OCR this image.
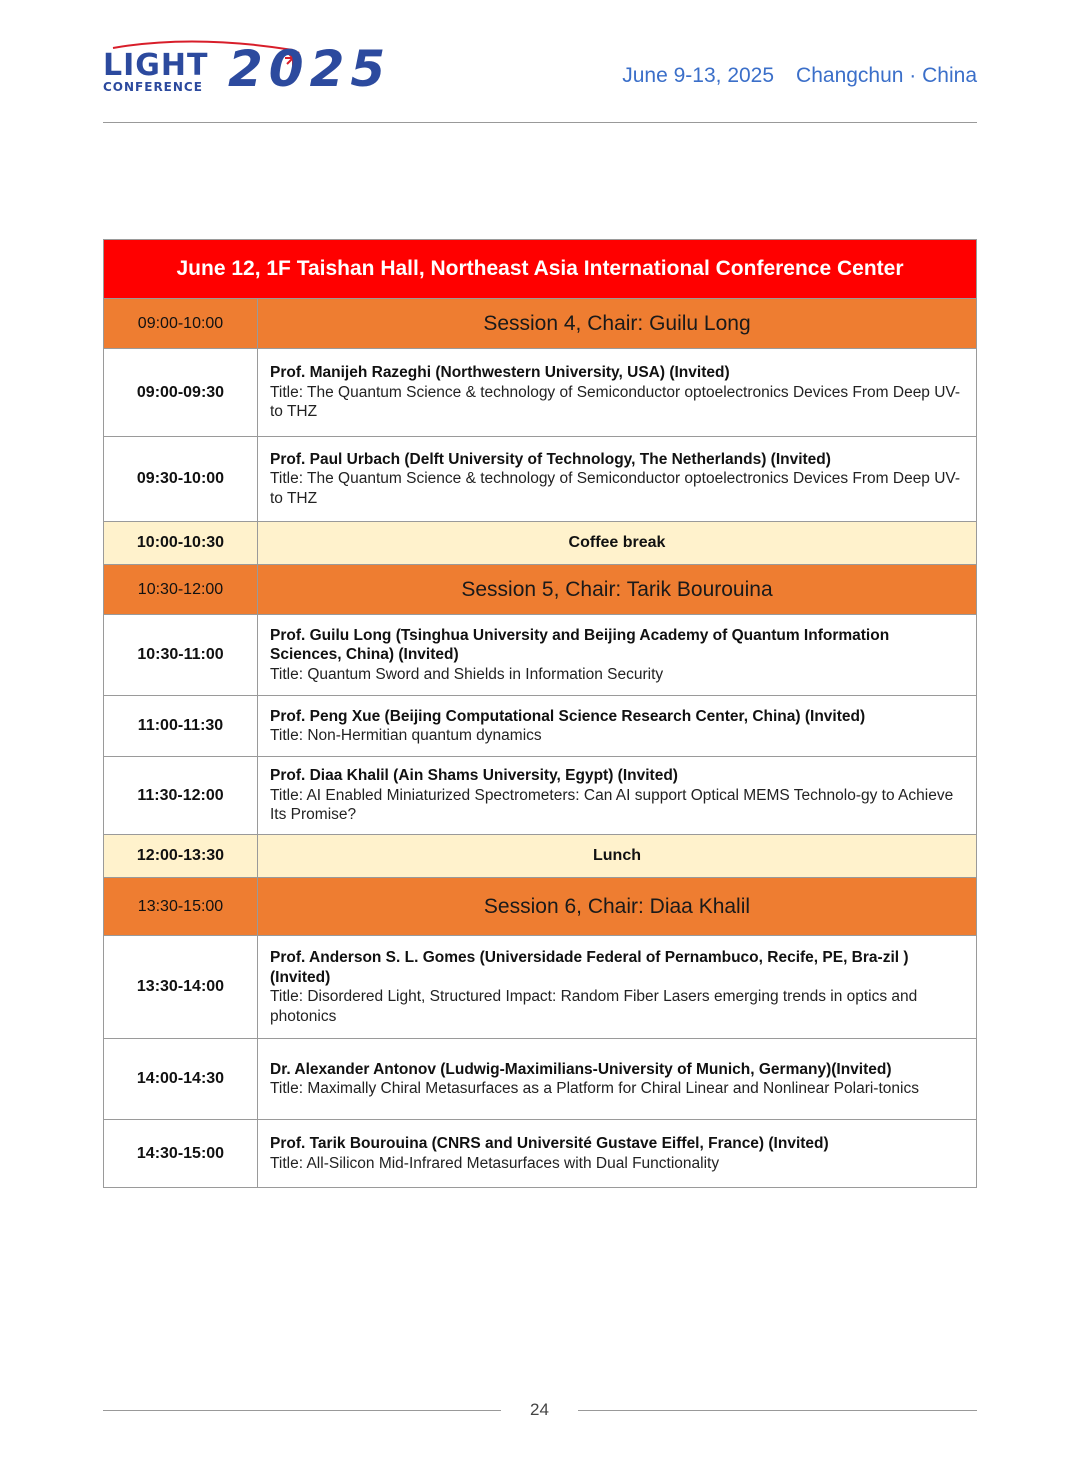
LIGHT
CONFERENCE 2025	June 9-13, 2025 Changchun · China
June 12, 1F Taishan Hall, Northeast Asia International Conference Center	
09:00-10:00	Session 4, Chair: Guilu Long
09:00-09:30	Prof. Manijeh Razeghi (Northwestern University, USA) (Invited)
Title: The Quantum Science & technology of Semiconductor optoelectronics Devices From Deep UV- to THZ

09:30-10:00	Prof. Paul Urbach (Delft University of Technology, The Netherlands) (Invited)
Title: The Quantum Science & technology of Semiconductor optoelectronics Devices From Deep UV- to THZ

10:00-10:30	Coffee break
10:30-12:00	Session 5, Chair: Tarik Bourouina
10:30-11:00	Prof. Guilu Long (Tsinghua University and Beijing Academy of Quantum Information Sciences, China) (Invited)
Title: Quantum Sword and Shields in Information Security

11:00-11:30	Prof. Peng Xue (Beijing Computational Science Research Center, China) (Invited)
Title: Non-Hermitian quantum dynamics

11:30-12:00	Prof. Diaa Khalil (Ain Shams University, Egypt) (Invited)
Title: AI Enabled Miniaturized Spectrometers: Can AI support Optical MEMS Technolo-gy to Achieve Its Promise?

12:00-13:30	Lunch
13:30-15:00	Session 6, Chair: Diaa Khalil
13:30-14:00	Prof. Anderson S. L. Gomes (Universidade Federal of Pernambuco, Recife, PE, Bra-zil ) (Invited)
Title: Disordered Light, Structured Impact: Random Fiber Lasers emerging trends in optics and photonics

14:00-14:30	Dr. Alexander Antonov (Ludwig-Maximilians-University of Munich, Germany)(Invited)
Title: Maximally Chiral Metasurfaces as a Platform for Chiral Linear and Nonlinear Polari-tonics

14:30-15:00	Prof. Tarik Bourouina (CNRS and Université Gustave Eiffel, France) (Invited)
Title: All-Silicon Mid-Infrared Metasurfaces with Dual Functionality
24
